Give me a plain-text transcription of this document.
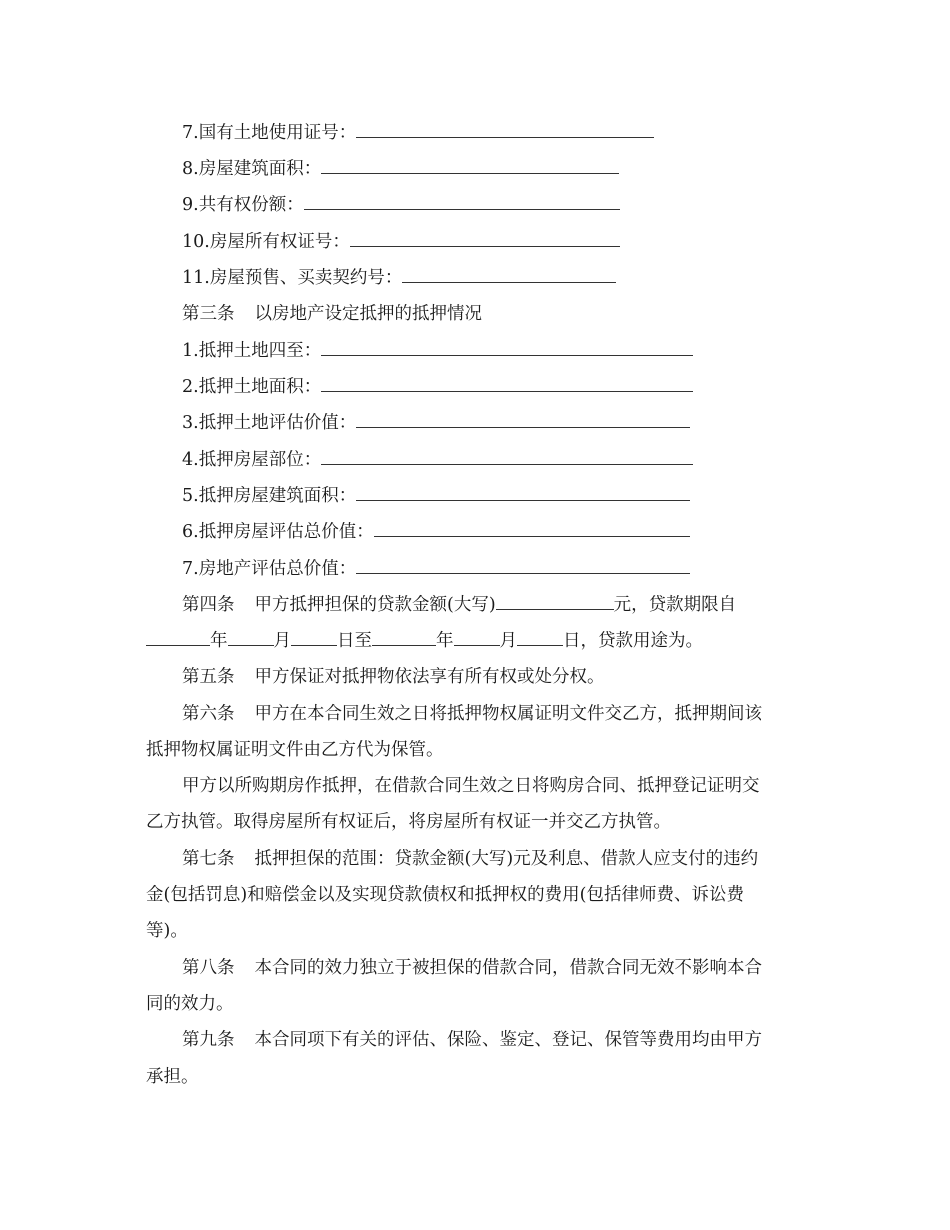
7.国有土地使用证号：
8.房屋建筑面积：
9.共有权份额：
10.房屋所有权证号：
11.房屋预售、买卖契约号：
第三条 以房地产设定抵押的抵押情况
1.抵押土地四至：
2.抵押土地面积：
3.抵押土地评估价值：
4.抵押房屋部位：
5.抵押房屋建筑面积：
6.抵押房屋评估总价值：
7.房地产评估总价值：
第四条 甲方抵押担保的贷款金额(大写)	元，贷款期限自
年	月	日至	年	月	日，贷款用途为。
第五条 甲方保证对抵押物依法享有所有权或处分权。
第六条 甲方在本合同生效之日将抵押物权属证明文件交乙方，抵押期间该
抵押物权属证明文件由乙方代为保管。
甲方以所购期房作抵押，在借款合同生效之日将购房合同、抵押登记证明交
乙方执管。取得房屋所有权证后，将房屋所有权证一并交乙方执管。
第七条 抵押担保的范围：贷款金额(大写)元及利息、借款人应支付的违约
金(包括罚息)和赔偿金以及实现贷款债权和抵押权的费用(包括律师费、诉讼费
等)。
第八条 本合同的效力独立于被担保的借款合同，借款合同无效不影响本合
同的效力。
第九条 本合同项下有关的评估、保险、鉴定、登记、保管等费用均由甲方
承担。
